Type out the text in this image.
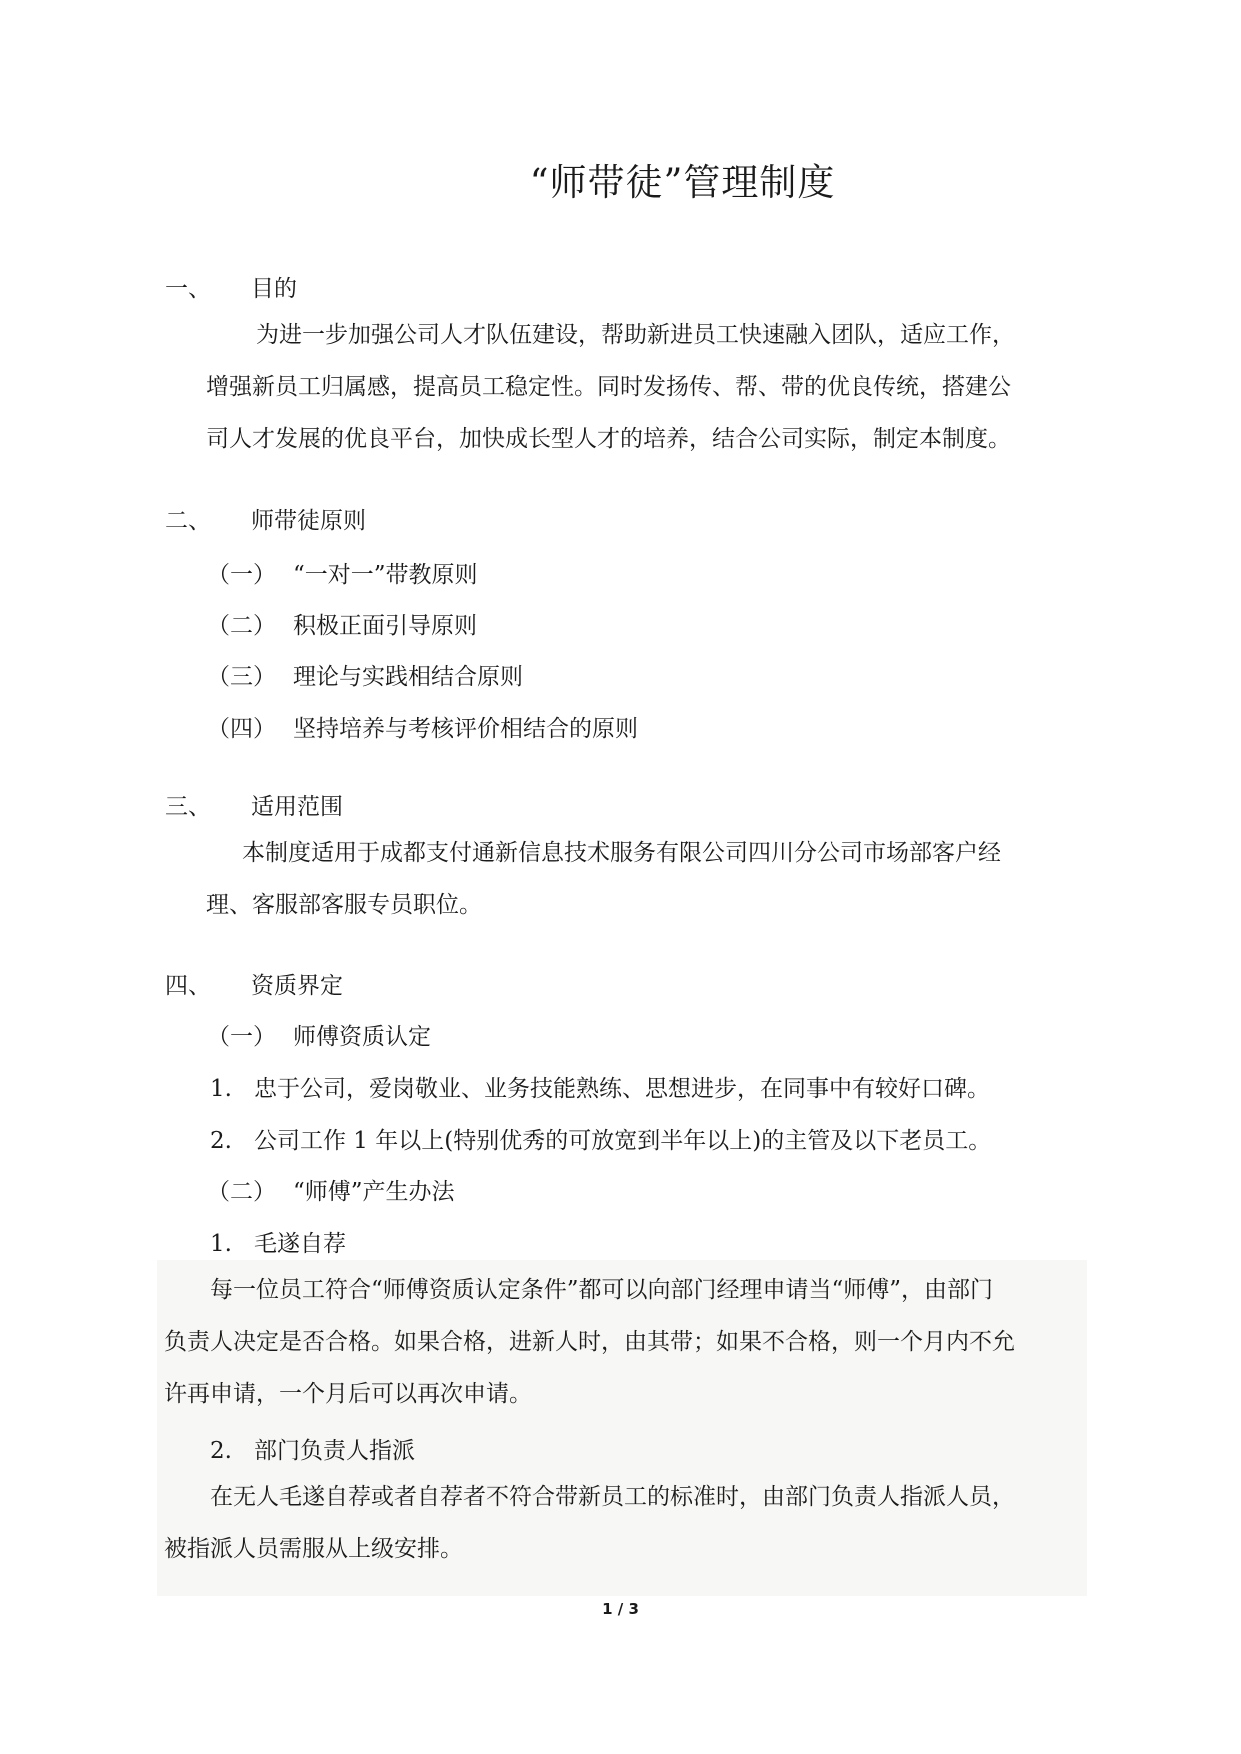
“师带徒”管理制度
一、 目的
为进一步加强公司人才队伍建设，帮助新进员工快速融入团队，适应工作，
增强新员工归属感，提高员工稳定性。同时发扬传、帮、带的优良传统，搭建公
司人才发展的优良平台，加快成长型人才的培养，结合公司实际，制定本制度。
二、 师带徒原则
（一） “一对一”带教原则
（二） 积极正面引导原则
（三） 理论与实践相结合原则
（四） 坚持培养与考核评价相结合的原则
三、 适用范围
本制度适用于成都支付通新信息技术服务有限公司四川分公司市场部客户经
理、客服部客服专员职位。
四、 资质界定
（一） 师傅资质认定
1. 忠于公司，爱岗敬业、业务技能熟练、思想进步，在同事中有较好口碑。
2. 公司工作 1 年以上(特别优秀的可放宽到半年以上)的主管及以下老员工。
（二） “师傅”产生办法
1. 毛遂自荐
每一位员工符合“师傅资质认定条件”都可以向部门经理申请当“师傅”，由部门
负责人决定是否合格。如果合格，进新人时，由其带；如果不合格，则一个月内不允
许再申请，一个月后可以再次申请。
2. 部门负责人指派
在无人毛遂自荐或者自荐者不符合带新员工的标准时，由部门负责人指派人员，
被指派人员需服从上级安排。
1 / 3
